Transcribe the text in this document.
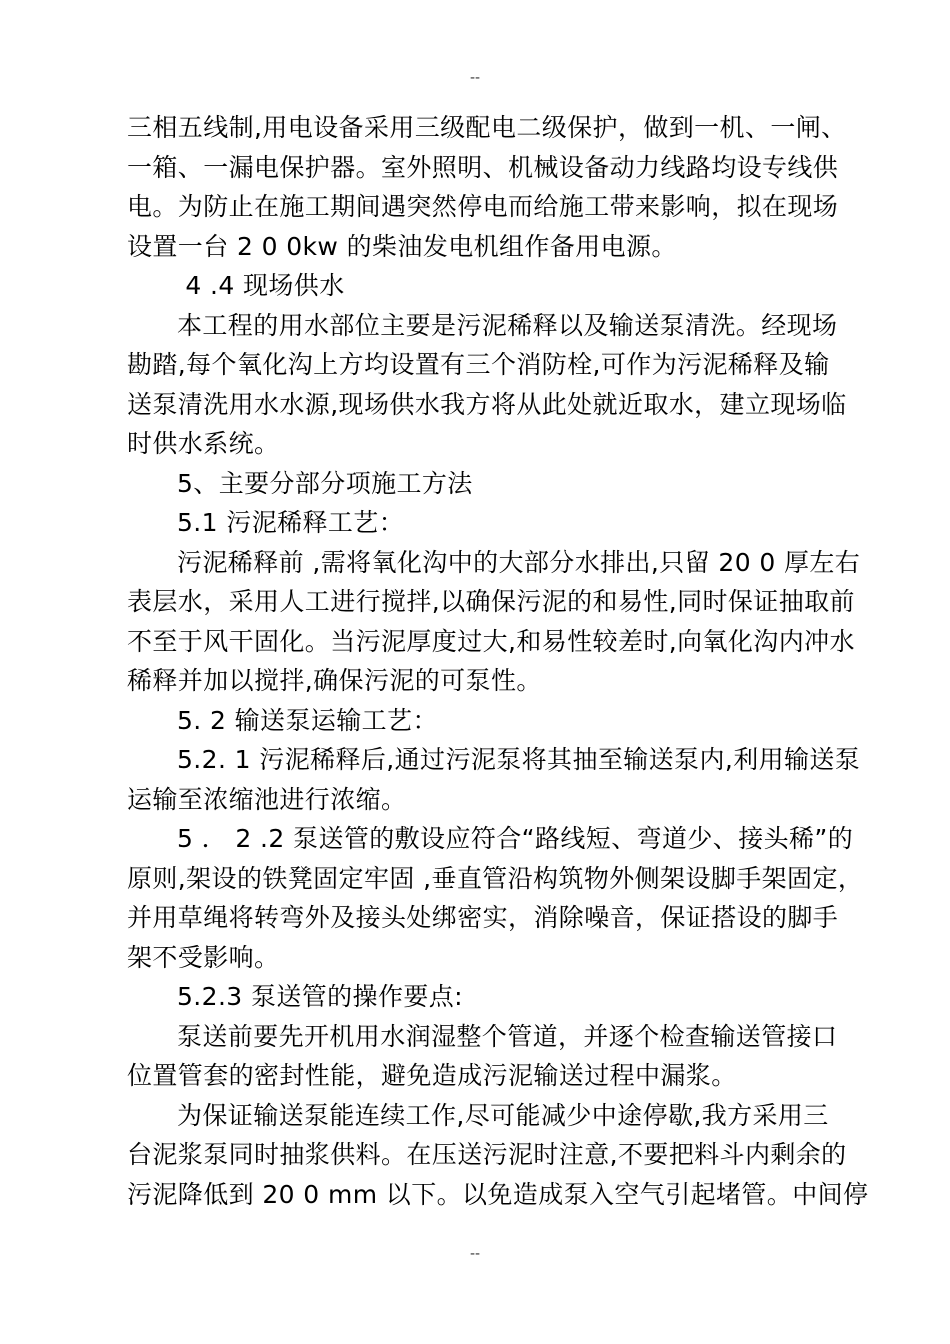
--
三相五线制,用电设备采用三级配电二级保护，做到一机、一闸、
一箱、一漏电保护器。室外照明、机械设备动力线路均设专线供
电。为防止在施工期间遇突然停电而给施工带来影响，拟在现场
设置一台 2 0 0kw 的柴油发电机组作备用电源。
4 .4 现场供水
本工程的用水部位主要是污泥稀释以及输送泵清洗。经现场
勘踏,每个氧化沟上方均设置有三个消防栓,可作为污泥稀释及输
送泵清洗用水水源,现场供水我方将从此处就近取水，建立现场临
时供水系统。
5、主要分部分项施工方法
5.1 污泥稀释工艺：
污泥稀释前 ,需将氧化沟中的大部分水排出,只留 20 0 厚左右
表层水，采用人工进行搅拌,以确保污泥的和易性,同时保证抽取前
不至于风干固化。当污泥厚度过大,和易性较差时,向氧化沟内冲水
稀释并加以搅拌,确保污泥的可泵性。
5. 2 输送泵运输工艺：
5.2. 1 污泥稀释后,通过污泥泵将其抽至输送泵内,利用输送泵
运输至浓缩池进行浓缩。
5 ． 2 .2 泵送管的敷设应符合“路线短、弯道少、接头稀”的
原则,架设的铁凳固定牢固 ,垂直管沿构筑物外侧架设脚手架固定，
并用草绳将转弯外及接头处绑密实，消除噪音，保证搭设的脚手
架不受影响。
5.2.3 泵送管的操作要点:
泵送前要先开机用水润湿整个管道，并逐个检查输送管接口
位置管套的密封性能，避免造成污泥输送过程中漏浆。
为保证输送泵能连续工作,尽可能减少中途停歇,我方采用三
台泥浆泵同时抽浆供料。在压送污泥时注意,不要把料斗内剩余的
污泥降低到 20 0 mm 以下。以免造成泵入空气引起堵管。中间停
--
